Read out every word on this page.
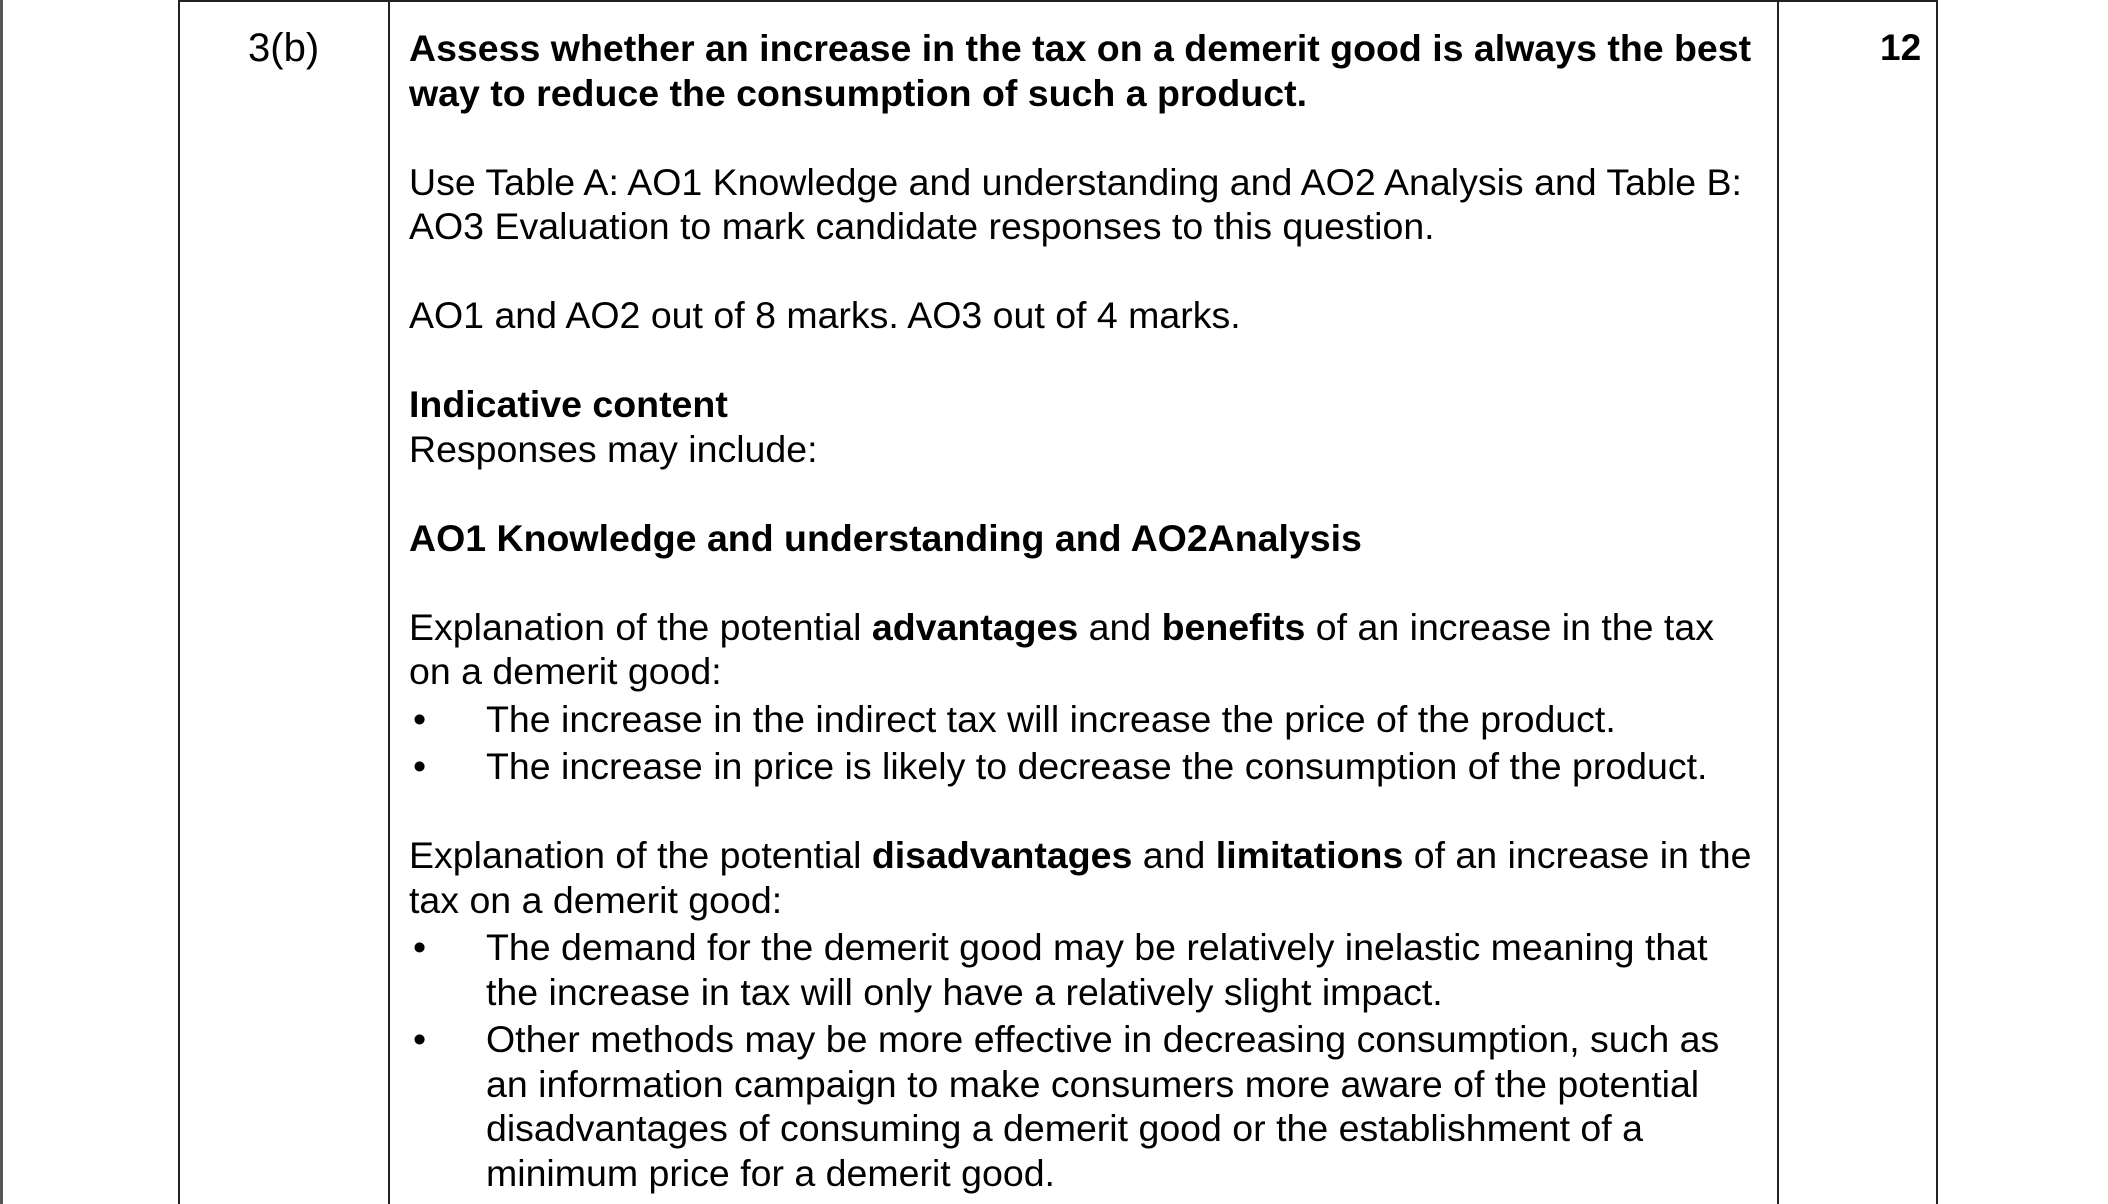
3(b)	12

Assess whether an increase in the tax on a demerit good is always the best way to reduce the consumption of such a product.

Use Table A: AO1 Knowledge and understanding and AO2 Analysis and Table B: AO3 Evaluation to mark candidate responses to this question.

AO1 and AO2 out of 8 marks. AO3 out of 4 marks.

Indicative content

Responses may include:

AO1 Knowledge and understanding and AO2Analysis

Explanation of the potential advantages and benefits of an increase in the tax on a demerit good:

• The increase in the indirect tax will increase the price of the product.
• The increase in price is likely to decrease the consumption of the product.

Explanation of the potential disadvantages and limitations of an increase in the tax on a demerit good:

• The demand for the demerit good may be relatively inelastic meaning that the increase in tax will only have a relatively slight impact.
• Other methods may be more effective in decreasing consumption, such as an information campaign to make consumers more aware of the potential disadvantages of consuming a demerit good or the establishment of a minimum price for a demerit good.
